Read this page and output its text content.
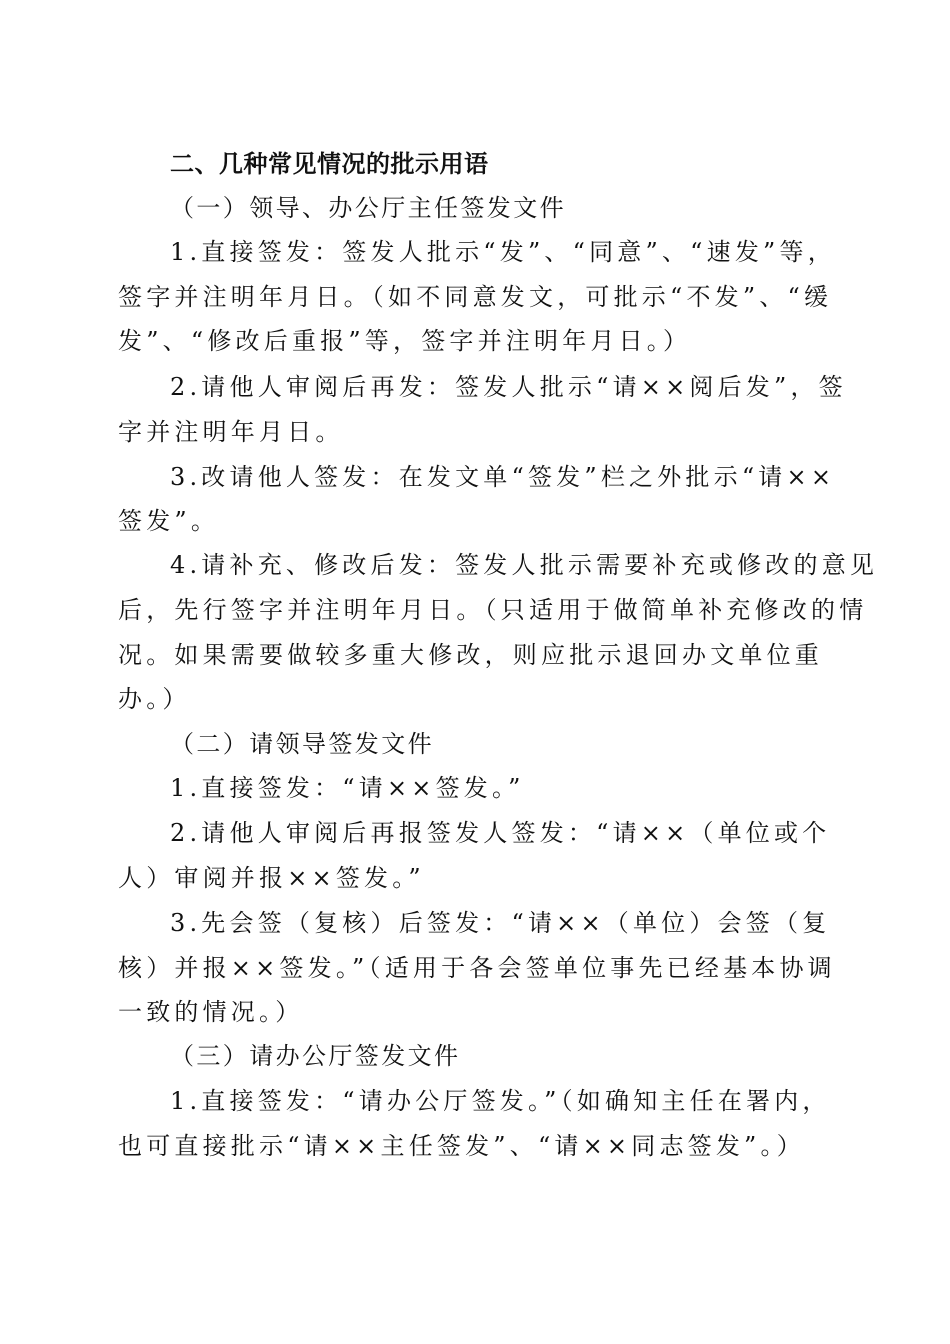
二、几种常见情况的批示用语
（一）领导、办公厅主任签发文件
1.直接签发：签发人批示“发”、“同意”、“速发”等，
签字并注明年月日。（如不同意发文，可批示“不发”、“缓
发”、“修改后重报”等，签字并注明年月日。）
2.请他人审阅后再发：签发人批示“请××阅后发”，签
字并注明年月日。
3.改请他人签发：在发文单“签发”栏之外批示“请××
签发”。
4.请补充、修改后发：签发人批示需要补充或修改的意见
后，先行签字并注明年月日。（只适用于做简单补充修改的情
况。如果需要做较多重大修改，则应批示退回办文单位重
办。）
（二）请领导签发文件
1.直接签发：“请××签发。”
2.请他人审阅后再报签发人签发：“请××（单位或个
人）审阅并报××签发。”
3.先会签（复核）后签发：“请××（单位）会签（复
核）并报××签发。”（适用于各会签单位事先已经基本协调
一致的情况。）
（三）请办公厅签发文件
1.直接签发：“请办公厅签发。”（如确知主任在署内，
也可直接批示“请××主任签发”、“请××同志签发”。）
